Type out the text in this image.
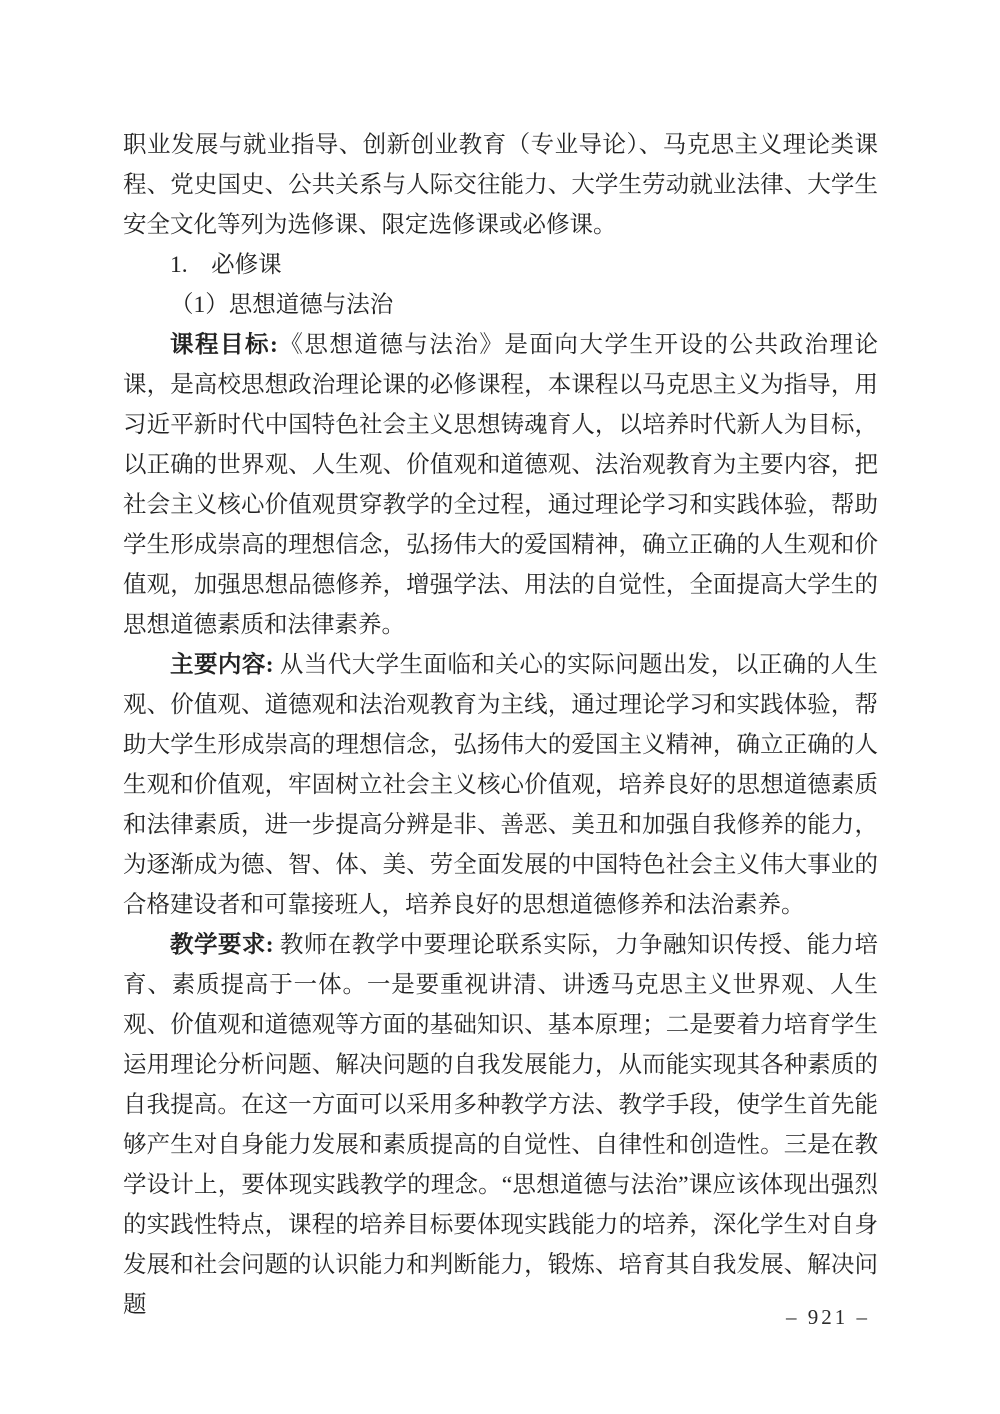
职业发展与就业指导、创新创业教育（专业导论）、马克思主义理论类课程、党史国史、公共关系与人际交往能力、大学生劳动就业法律、大学生安全文化等列为选修课、限定选修课或必修课。

1.　必修课

（1）思想道德与法治

课程目标:《思想道德与法治》是面向大学生开设的公共政治理论课，是高校思想政治理论课的必修课程，本课程以马克思主义为指导，用习近平新时代中国特色社会主义思想铸魂育人，以培养时代新人为目标，以正确的世界观、人生观、价值观和道德观、法治观教育为主要内容，把社会主义核心价值观贯穿教学的全过程，通过理论学习和实践体验，帮助学生形成崇高的理想信念，弘扬伟大的爱国精神，确立正确的人生观和价值观，加强思想品德修养，增强学法、用法的自觉性，全面提高大学生的思想道德素质和法律素养。

主要内容: 从当代大学生面临和关心的实际问题出发，以正确的人生观、价值观、道德观和法治观教育为主线，通过理论学习和实践体验，帮助大学生形成崇高的理想信念，弘扬伟大的爱国主义精神，确立正确的人生观和价值观，牢固树立社会主义核心价值观，培养良好的思想道德素质和法律素质，进一步提高分辨是非、善恶、美丑和加强自我修养的能力，为逐渐成为德、智、体、美、劳全面发展的中国特色社会主义伟大事业的合格建设者和可靠接班人，培养良好的思想道德修养和法治素养。

教学要求: 教师在教学中要理论联系实际，力争融知识传授、能力培育、素质提高于一体。一是要重视讲清、讲透马克思主义世界观、人生观、价值观和道德观等方面的基础知识、基本原理；二是要着力培育学生运用理论分析问题、解决问题的自我发展能力，从而能实现其各种素质的自我提高。在这一方面可以采用多种教学方法、教学手段，使学生首先能够产生对自身能力发展和素质提高的自觉性、自律性和创造性。三是在教学设计上，要体现实践教学的理念。“思想道德与法治”课应该体现出强烈的实践性特点，课程的培养目标要体现实践能力的培养，深化学生对自身发展和社会问题的认识能力和判断能力，锻炼、培育其自我发展、解决问题	– 921 –
